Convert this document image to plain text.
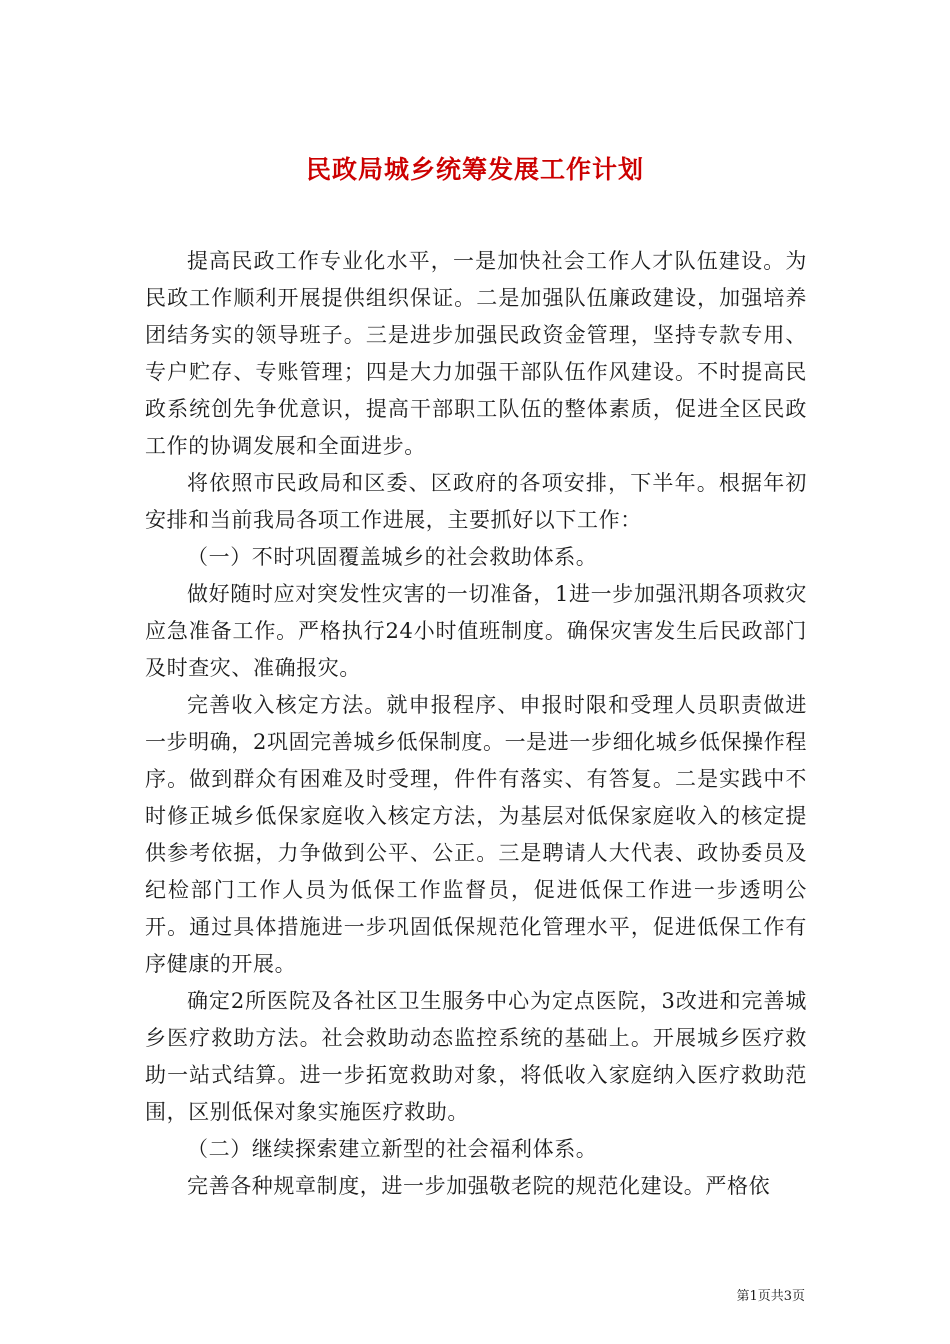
民政局城乡统筹发展工作计划

提高民政工作专业化水平，一是加快社会工作人才队伍建设。为民政工作顺利开展提供组织保证。二是加强队伍廉政建设，加强培养团结务实的领导班子。三是进步加强民政资金管理，坚持专款专用、专户贮存、专账管理；四是大力加强干部队伍作风建设。不时提高民政系统创先争优意识，提高干部职工队伍的整体素质，促进全区民政工作的协调发展和全面进步。

将依照市民政局和区委、区政府的各项安排，下半年。根据年初安排和当前我局各项工作进展，主要抓好以下工作：

（一）不时巩固覆盖城乡的社会救助体系。

做好随时应对突发性灾害的一切准备，1进一步加强汛期各项救灾应急准备工作。严格执行24小时值班制度。确保灾害发生后民政部门及时查灾、准确报灾。

完善收入核定方法。就申报程序、申报时限和受理人员职责做进一步明确，2巩固完善城乡低保制度。一是进一步细化城乡低保操作程序。做到群众有困难及时受理，件件有落实、有答复。二是实践中不时修正城乡低保家庭收入核定方法，为基层对低保家庭收入的核定提供参考依据，力争做到公平、公正。三是聘请人大代表、政协委员及纪检部门工作人员为低保工作监督员，促进低保工作进一步透明公开。通过具体措施进一步巩固低保规范化管理水平，促进低保工作有序健康的开展。

确定2所医院及各社区卫生服务中心为定点医院，3改进和完善城乡医疗救助方法。社会救助动态监控系统的基础上。开展城乡医疗救助一站式结算。进一步拓宽救助对象，将低收入家庭纳入医疗救助范围，区别低保对象实施医疗救助。

（二）继续探索建立新型的社会福利体系。

完善各种规章制度，进一步加强敬老院的规范化建设。严格依

第1页共3页
